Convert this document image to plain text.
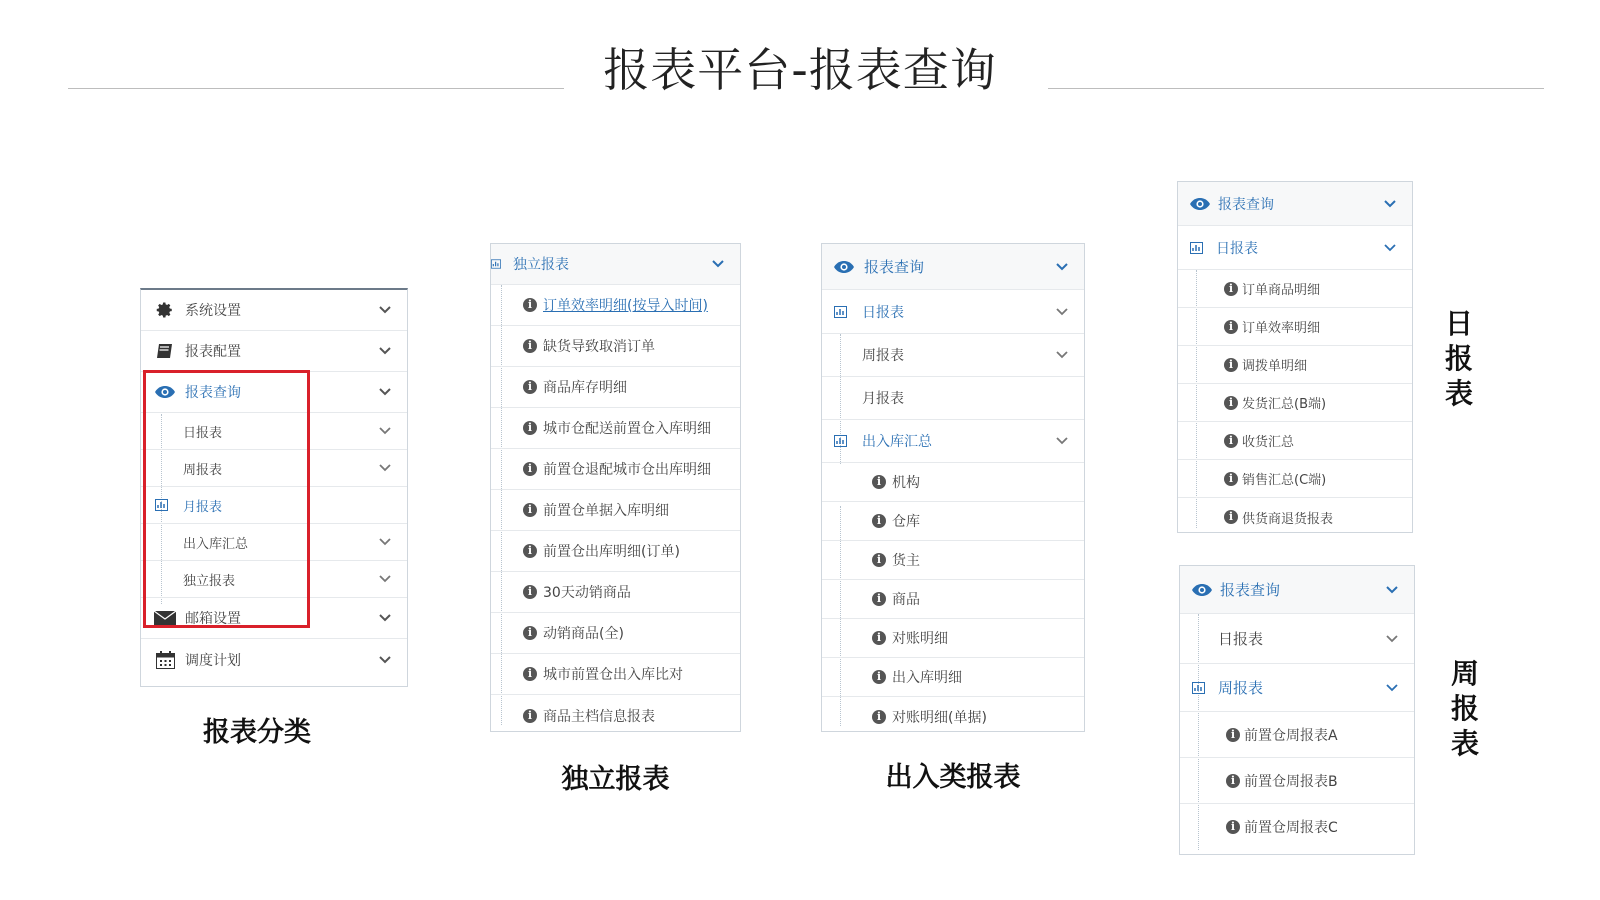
报表平台-报表查询
系统设置
报表配置
报表查询
日报表
周报表
月报表
出入库汇总
独立报表
邮箱设置
调度计划
报表分类
独立报表
i 订单效率明细(按导入时间)
i 缺货导致取消订单
i 商品库存明细
i 城市仓配送前置仓入库明细
i 前置仓退配城市仓出库明细
i 前置仓单据入库明细
i 前置仓出库明细(订单)
i 30天动销商品
i 动销商品(全)
i 城市前置仓出入库比对
i 商品主档信息报表
独立报表
报表查询
日报表
周报表
月报表
出入库汇总
i 机构
i 仓库
i 货主
i 商品
i 对账明细
i 出入库明细
i 对账明细(单据)
出入类报表
报表查询
日报表
i 订单商品明细
i 订单效率明细
i 调拨单明细
i 发货汇总(B端)
i 收货汇总
i 销售汇总(C端)
i 供货商退货报表
日
报
表
报表查询
日报表
周报表
i 前置仓周报表A
i 前置仓周报表B
i 前置仓周报表C
周
报
表
